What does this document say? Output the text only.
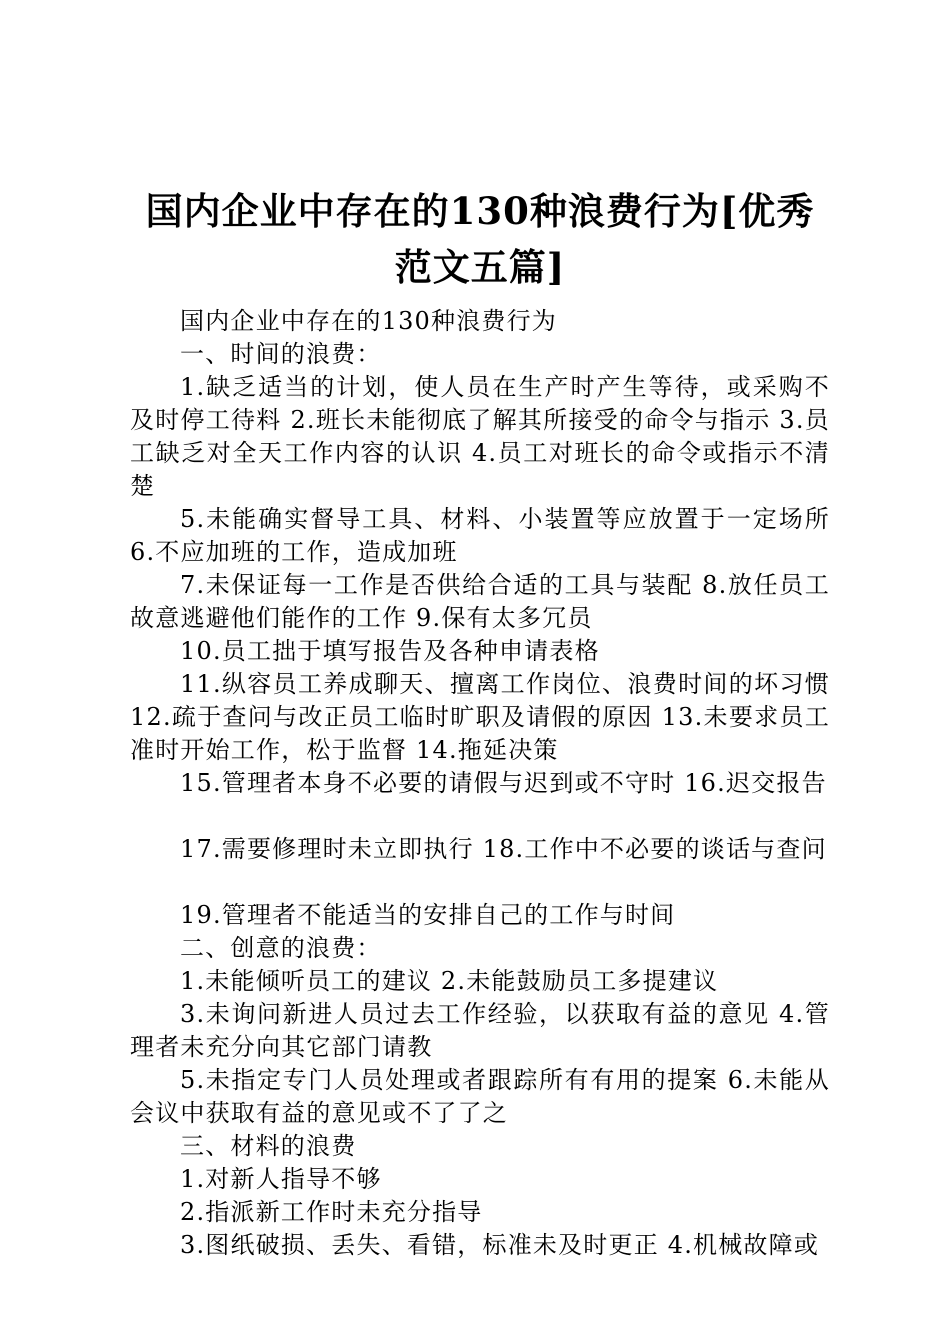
国内企业中存在的130种浪费行为[优秀范文五篇]

国内企业中存在的130种浪费行为

一、时间的浪费：

1.缺乏适当的计划，使人员在生产时产生等待，或采购不及时停工待料 2.班长未能彻底了解其所接受的命令与指示 3.员工缺乏对全天工作内容的认识 4.员工对班长的命令或指示不清楚

5.未能确实督导工具、材料、小装置等应放置于一定场所 6.不应加班的工作，造成加班

7.未保证每一工作是否供给合适的工具与装配 8.放任员工故意逃避他们能作的工作 9.保有太多冗员

10.员工拙于填写报告及各种申请表格

11.纵容员工养成聊天、擅离工作岗位、浪费时间的坏习惯 12.疏于查问与改正员工临时旷职及请假的原因 13.未要求员工准时开始工作，松于监督 14.拖延决策

15.管理者本身不必要的请假与迟到或不守时 16.迟交报告

17.需要修理时未立即执行 18.工作中不必要的谈话与查问

19.管理者不能适当的安排自己的工作与时间

二、创意的浪费：

1.未能倾听员工的建议 2.未能鼓励员工多提建议

3.未询问新进人员过去工作经验，以获取有益的意见 4.管理者未充分向其它部门请教

5.未指定专门人员处理或者跟踪所有有用的提案 6.未能从会议中获取有益的意见或不了了之

三、材料的浪费

1.对新人指导不够

2.指派新工作时未充分指导

3.图纸破损、丢失、看错，标准未及时更正 4.机械故障或
